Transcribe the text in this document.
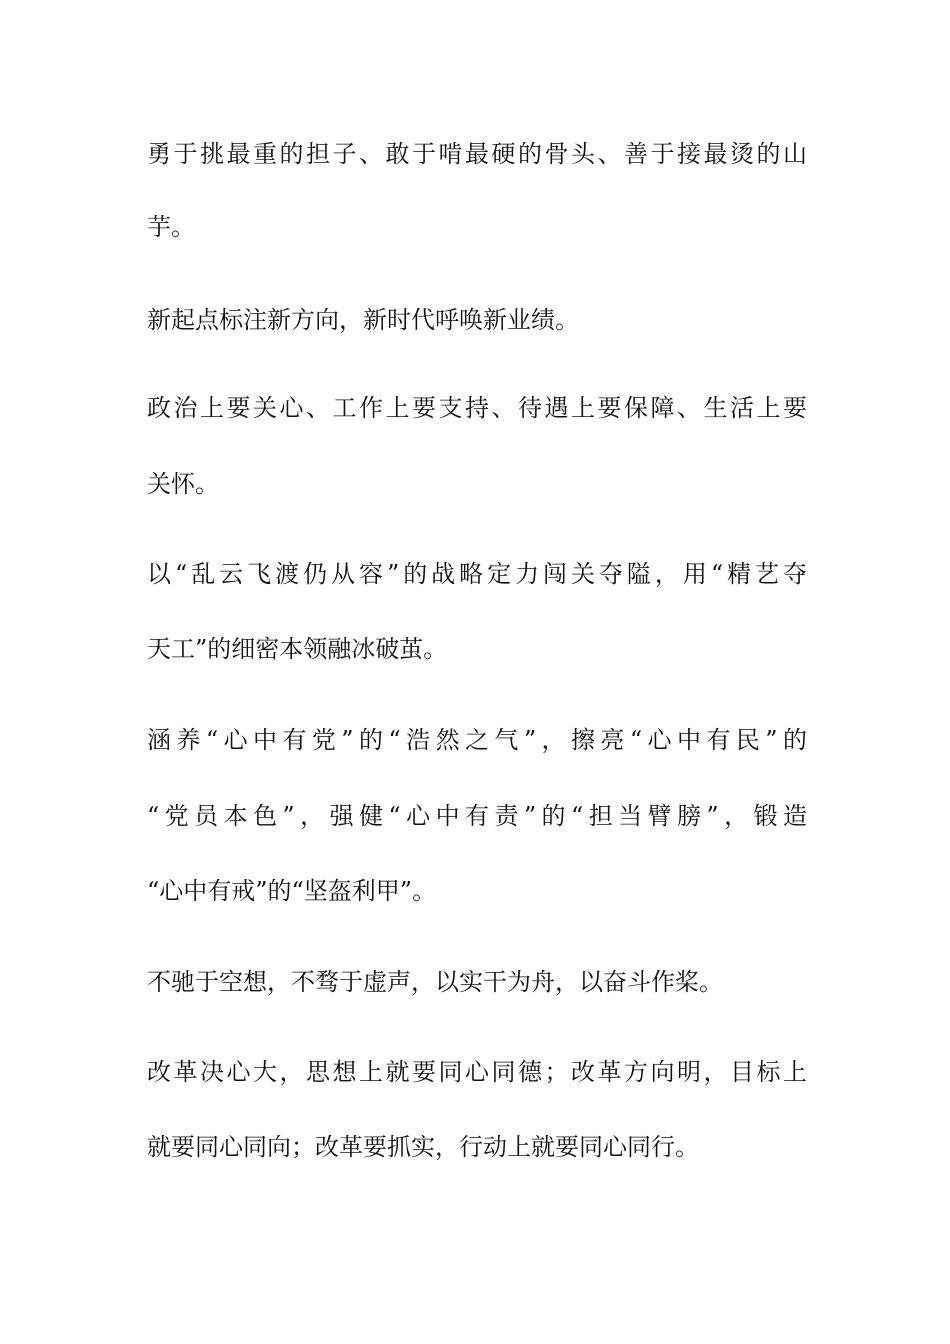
勇于挑最重的担子、敢于啃最硬的骨头、善于接最烫的山
芋。
新起点标注新方向，新时代呼唤新业绩。
政治上要关心、工作上要支持、待遇上要保障、生活上要
关怀。
以“乱云飞渡仍从容”的战略定力闯关夺隘，用“精艺夺
天工”的细密本领融冰破茧。
涵养“心中有党”的“浩然之气”，擦亮“心中有民”的
“党员本色”，强健“心中有责”的“担当臂膀”，锻造
“心中有戒”的“坚盔利甲”。
不驰于空想，不骛于虚声，以实干为舟，以奋斗作桨。
改革决心大，思想上就要同心同德；改革方向明，目标上
就要同心同向；改革要抓实，行动上就要同心同行。
